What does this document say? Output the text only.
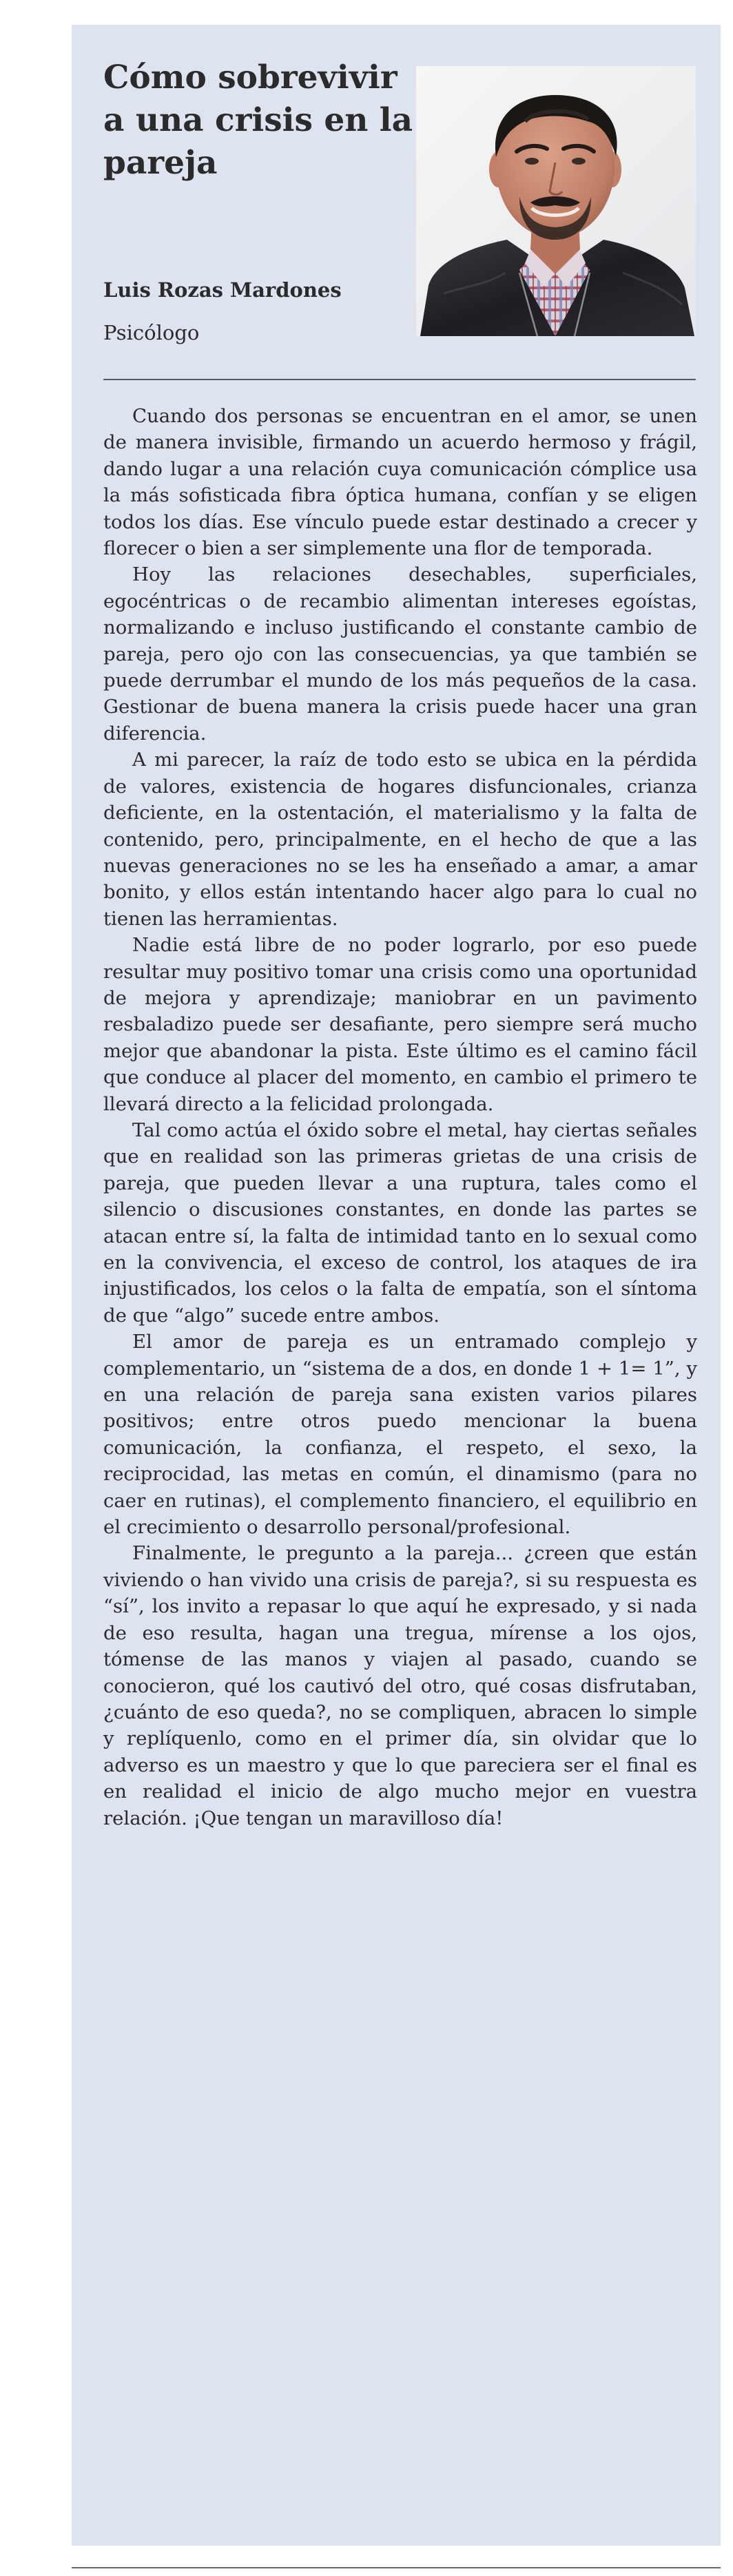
Cómo sobrevivir a una crisis en la pareja
Luis Rozas Mardones
Psicólogo

Cuando dos personas se encuentran en el amor, se unen de manera invisible, firmando un acuerdo hermoso y frágil, dando lugar a una relación cuya comunicación cómplice usa la más sofisticada fibra óptica humana, confían y se eligen todos los días. Ese vínculo puede estar destinado a crecer y florecer o bien a ser simplemente una flor de temporada.

Hoy las relaciones desechables, superficiales, egocéntricas o de recambio alimentan intereses egoístas, normalizando e incluso justificando el constante cambio de pareja, pero ojo con las consecuencias, ya que también se puede derrumbar el mundo de los más pequeños de la casa. Gestionar de buena manera la crisis puede hacer una gran diferencia.

A mi parecer, la raíz de todo esto se ubica en la pérdida de valores, existencia de hogares disfuncionales, crianza deficiente, en la ostentación, el materialismo y la falta de contenido, pero, principalmente, en el hecho de que a las nuevas generaciones no se les ha enseñado a amar, a amar bonito, y ellos están intentando hacer algo para lo cual no tienen las herramientas.

Nadie está libre de no poder lograrlo, por eso puede resultar muy positivo tomar una crisis como una oportunidad de mejora y aprendizaje; maniobrar en un pavimento resbaladizo puede ser desafiante, pero siempre será mucho mejor que abandonar la pista. Este último es el camino fácil que conduce al placer del momento, en cambio el primero te llevará directo a la felicidad prolongada.

Tal como actúa el óxido sobre el metal, hay ciertas señales que en realidad son las primeras grietas de una crisis de pareja, que pueden llevar a una ruptura, tales como el silencio o discusiones constantes, en donde las partes se atacan entre sí, la falta de intimidad tanto en lo sexual como en la convivencia, el exceso de control, los ataques de ira injustificados, los celos o la falta de empatía, son el síntoma de que “algo” sucede entre ambos.

El amor de pareja es un entramado complejo y complementario, un “sistema de a dos, en donde 1 + 1= 1”, y en una relación de pareja sana existen varios pilares positivos; entre otros puedo mencionar la buena comunicación, la confianza, el respeto, el sexo, la reciprocidad, las metas en común, el dinamismo (para no caer en rutinas), el complemento financiero, el equilibrio en el crecimiento o desarrollo personal/profesional.

Finalmente, le pregunto a la pareja... ¿creen que están viviendo o han vivido una crisis de pareja?, si su respuesta es “sí”, los invito a repasar lo que aquí he expresado, y si nada de eso resulta, hagan una tregua, mírense a los ojos, tómense de las manos y viajen al pasado, cuando se conocieron, qué los cautivó del otro, qué cosas disfrutaban, ¿cuánto de eso queda?, no se compliquen, abracen lo simple y replíquenlo, como en el primer día, sin olvidar que lo adverso es un maestro y que lo que pareciera ser el final es en realidad el inicio de algo mucho mejor en vuestra relación. ¡Que tengan un maravilloso día!
